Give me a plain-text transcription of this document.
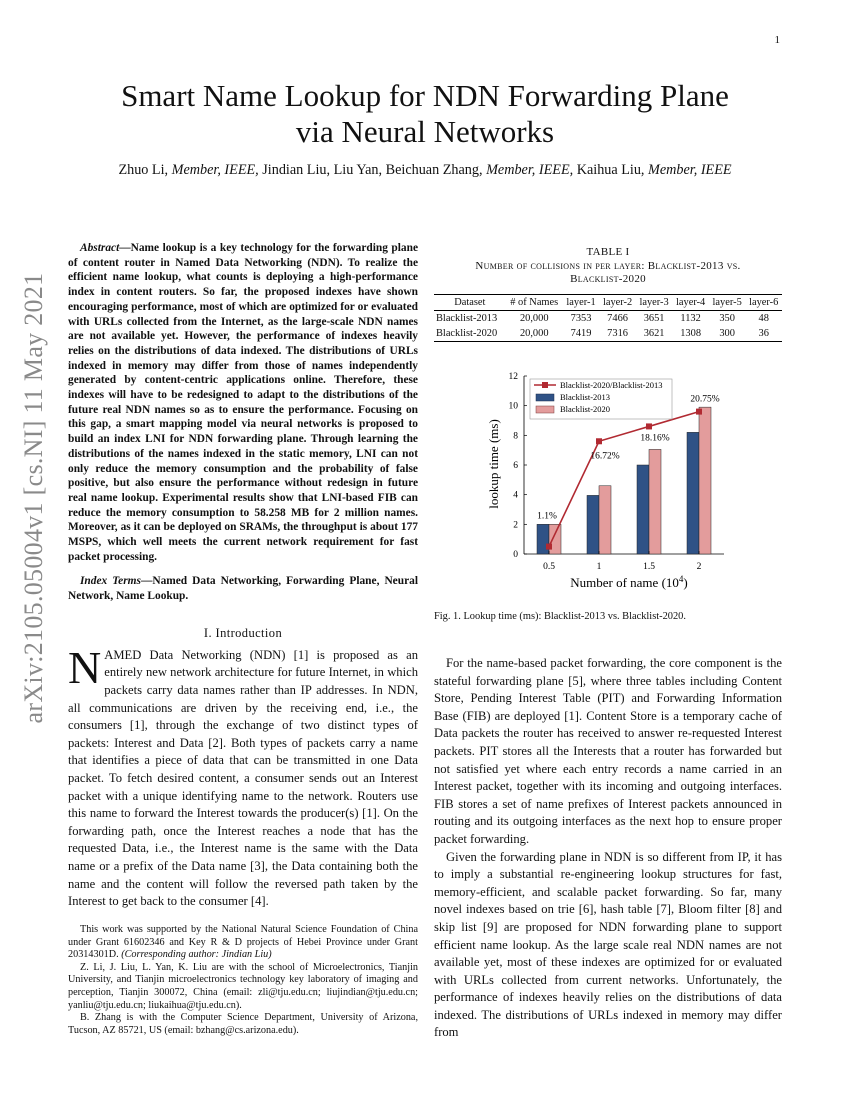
1
arXiv:2105.05004v1 [cs.NI] 11 May 2021
Smart Name Lookup for NDN Forwarding Plane
via Neural Networks
Zhuo Li, Member, IEEE, Jindian Liu, Liu Yan, Beichuan Zhang, Member, IEEE, Kaihua Liu, Member, IEEE

Abstract—Name lookup is a key technology for the forwarding plane of content router in Named Data Networking (NDN). To realize the efficient name lookup, what counts is deploying a high-performance index in content routers. So far, the proposed indexes have shown encouraging performance, most of which are optimized for or evaluated with URLs collected from the Internet, as the large-scale NDN names are not available yet. However, the performance of indexes heavily relies on the distributions of data indexed. The distributions of URLs indexed in memory may differ from those of names independently generated by content-centric applications online. Therefore, these indexes will have to be redesigned to adapt to the distributions of the future real NDN names so as to ensure the performance. Focusing on this gap, a smart mapping model via neural networks is proposed to build an index LNI for NDN forwarding plane. Through learning the distributions of the names indexed in the static memory, LNI can not only reduce the memory consumption and the probability of false positive, but also ensure the performance without redesign in future real name lookup. Experimental results show that LNI-based FIB can reduce the memory consumption to 58.258 MB for 2 million names. Moreover, as it can be deployed on SRAMs, the throughput is about 177 MSPS, which well meets the current network requirement for fast packet processing.

Index Terms—Named Data Networking, Forwarding Plane, Neural Network, Name Lookup.

I. Introduction

NAMED Data Networking (NDN) [1] is proposed as an entirely new network architecture for future Internet, in which packets carry data names rather than IP addresses. In NDN, all communications are driven by the receiving end, i.e., the consumers [1], through the exchange of two distinct types of packets: Interest and Data [2]. Both types of packets carry a name that identifies a piece of data that can be transmitted in one Data packet. To fetch desired content, a consumer sends out an Interest packet with a unique identifying name to the network. Routers use this name to forward the Interest towards the producer(s) [1]. On the forwarding path, once the Interest reaches a node that has the requested Data, i.e., the Interest name is the same with the Data name or a prefix of the Data name [3], the Data containing both the name and the content will follow the reversed path taken by the Interest to get back to the consumer [4].

This work was supported by the National Natural Science Foundation of China under Grant 61602346 and Key R & D projects of Hebei Province under Grant 20314301D. (Corresponding author: Jindian Liu)

Z. Li, J. Liu, L. Yan, K. Liu are with the school of Microelectronics, Tianjin University, and Tianjin microelectronics technology key laboratory of imaging and perception, Tianjin 300072, China (email: zli@tju.edu.cn; liujindian@tju.edu.cn; yanliu@tju.edu.cn; liukaihua@tju.edu.cn).

B. Zhang is with the Computer Science Department, University of Arizona, Tucson, AZ 85721, US (email: bzhang@cs.arizona.edu).

TABLE I
Number of collisions in per layer: Blacklist-2013 vs.
Blacklist-2020
Dataset	# of Names	layer-1	layer-2	layer-3	layer-4	layer-5	layer-6
Blacklist-2013	20,000	7353	7466	3651	1132	350	48
Blacklist-2020	20,000	7419	7316	3621	1308	300	36
lookup time (ms)
Number of name $(10^4)$
0
2
4
6
8
10
12
0.5	1	1.5	2
1.1%
16.72%
18.16%
20.75%
Blacklist-2020/Blacklist-2013
Blacklist-2013
Blacklist-2020
Fig. 1. Lookup time (ms): Blacklist-2013 vs. Blacklist-2020.

For the name-based packet forwarding, the core component is the stateful forwarding plane [5], where three tables including Content Store, Pending Interest Table (PIT) and Forwarding Information Base (FIB) are deployed [1]. Content Store is a temporary cache of Data packets the router has received to answer re-requested Interest packets. PIT stores all the Interests that a router has forwarded but not satisfied yet where each entry records a name carried in an Interest packet, together with its incoming and outgoing interfaces. FIB stores a set of name prefixes of Interest packets announced in routing and its outgoing interfaces as the next hop to ensure proper packet forwarding.

Given the forwarding plane in NDN is so different from IP, it has to imply a substantial re-engineering lookup structures for fast, memory-efficient, and scalable packet forwarding. So far, many novel indexes based on trie [6], hash table [7], Bloom filter [8] and skip list [9] are proposed for NDN forwarding plane to support efficient name lookup. As the large scale real NDN names are not available yet, most of these indexes are optimized for or evaluated with URLs collected from current networks. Unfortunately, the performance of indexes heavily relies on the distributions of data indexed. The distributions of URLs indexed in memory may differ from
